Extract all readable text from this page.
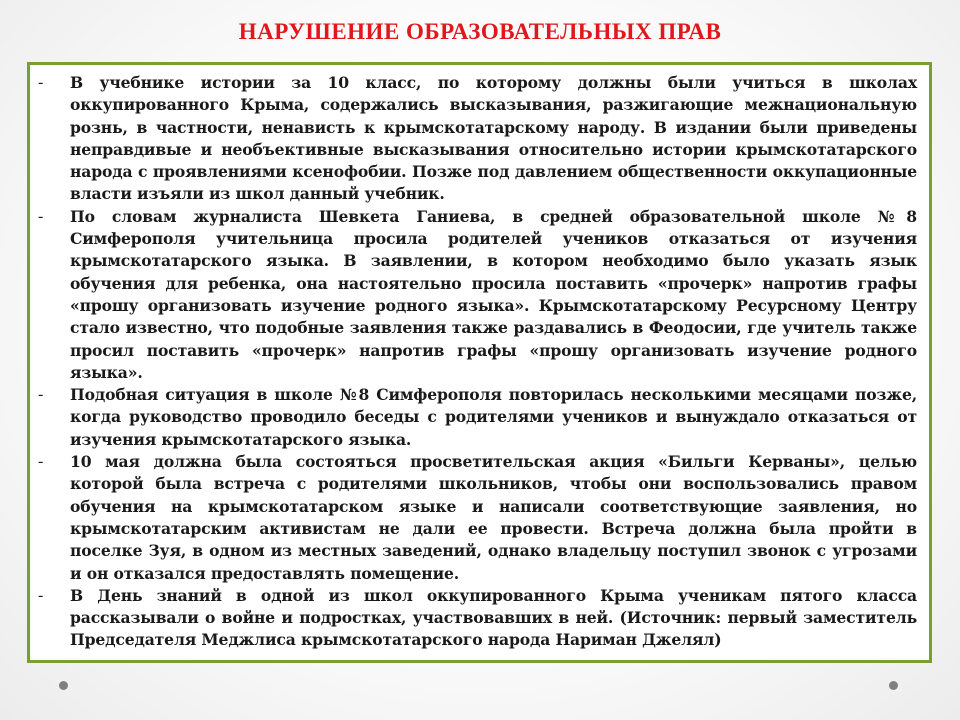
НАРУШЕНИЕ ОБРАЗОВАТЕЛЬНЫХ ПРАВ
-	В учебнике истории за 10 класс, по которому должны были учиться в школах оккупированного Крыма, содержались высказывания, разжигающие межнациональную рознь, в частности, ненависть к крымскотатарскому народу. В издании были приведены неправдивые и необъективные высказывания относительно истории крымскотатарского народа с проявлениями ксенофобии. Позже под давлением общественности оккупационные власти изъяли из школ данный учебник.
-	По словам журналиста Шевкета Ганиева, в средней образовательной школе №8 Симферополя учительница просила родителей учеников отказаться от изучения крымскотатарского языка. В заявлении, в котором необходимо было указать язык обучения для ребенка, она настоятельно просила поставить «прочерк» напротив графы «прошу организовать изучение родного языка». Крымскотатарскому Ресурсному Центру стало известно, что подобные заявления также раздавались в Феодосии, где учитель также просил поставить «прочерк» напротив графы «прошу организовать изучение родного языка».
-	Подобная ситуация в школе №8 Симферополя повторилась несколькими месяцами позже, когда руководство проводило беседы с родителями учеников и вынуждало отказаться от изучения крымскотатарского языка.
-	10 мая должна была состояться просветительская акция «Бильги Керваны», целью которой была встреча с родителями школьников, чтобы они воспользовались правом обучения на крымскотатарском языке и написали соответствующие заявления, но крымскотатарским активистам не дали ее провести. Встреча должна была пройти в поселке Зуя, в одном из местных заведений, однако владельцу поступил звонок с угрозами и он отказался предоставлять помещение.
-	В День знаний в одной из школ оккупированного Крыма ученикам пятого класса рассказывали о войне и подростках, участвовавших в ней. (Источник: первый заместитель Председателя Меджлиса крымскотатарского народа Нариман Джелял)
